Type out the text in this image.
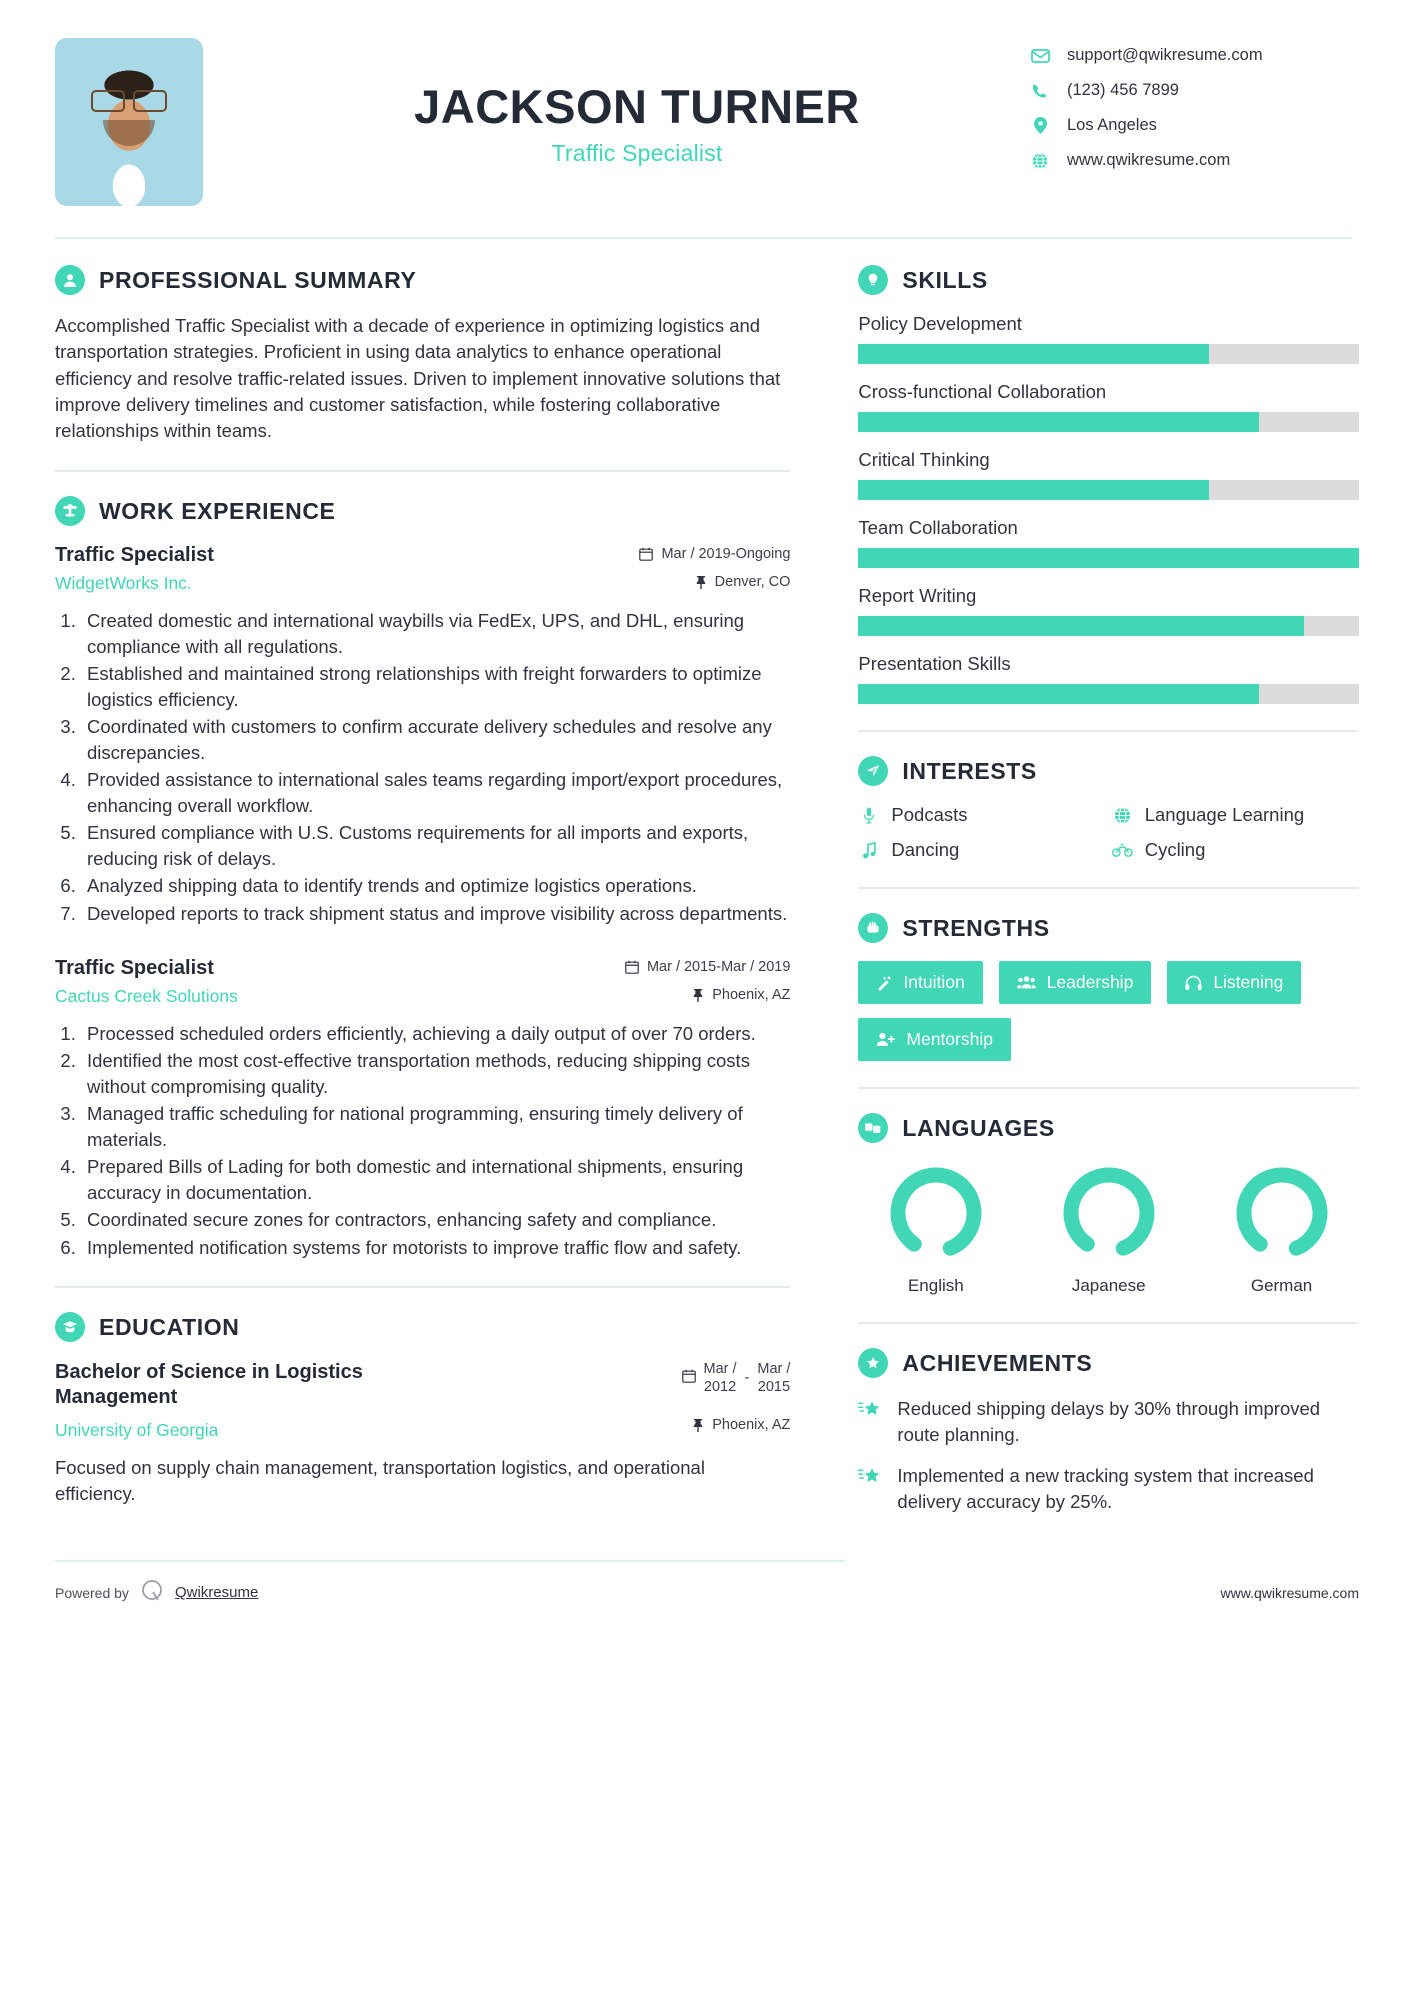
JACKSON TURNER
Traffic Specialist
support@qwikresume.com
(123) 456 7899
Los Angeles
www.qwikresume.com
PROFESSIONAL SUMMARY

Accomplished Traffic Specialist with a decade of experience in optimizing logistics and transportation strategies. Proficient in using data analytics to enhance operational efficiency and resolve traffic-related issues. Driven to implement innovative solutions that improve delivery timelines and customer satisfaction, while fostering collaborative relationships within teams.

WORK EXPERIENCE
Traffic Specialist	Mar / 2019-Ongoing
WidgetWorks Inc.	Denver, CO
1. Created domestic and international waybills via FedEx, UPS, and DHL, ensuring compliance with all regulations.
2. Established and maintained strong relationships with freight forwarders to optimize logistics efficiency.
3. Coordinated with customers to confirm accurate delivery schedules and resolve any discrepancies.
4. Provided assistance to international sales teams regarding import/export procedures, enhancing overall workflow.
5. Ensured compliance with U.S. Customs requirements for all imports and exports, reducing risk of delays.
6. Analyzed shipping data to identify trends and optimize logistics operations.
7. Developed reports to track shipment status and improve visibility across departments.
Traffic Specialist	Mar / 2015-Mar / 2019
Cactus Creek Solutions	Phoenix, AZ
1. Processed scheduled orders efficiently, achieving a daily output of over 70 orders.
2. Identified the most cost-effective transportation methods, reducing shipping costs without compromising quality.
3. Managed traffic scheduling for national programming, ensuring timely delivery of materials.
4. Prepared Bills of Lading for both domestic and international shipments, ensuring accuracy in documentation.
5. Coordinated secure zones for contractors, enhancing safety and compliance.
6. Implemented notification systems for motorists to improve traffic flow and safety.
EDUCATION
Bachelor of Science in Logistics Management
Mar /
2012
-
Mar /
2015
University of Georgia	Phoenix, AZ
Focused on supply chain management, transportation logistics, and operational efficiency.
SKILLS
Policy Development
Cross-functional Collaboration
Critical Thinking
Team Collaboration
Report Writing
Presentation Skills
INTERESTS
Podcasts	Language Learning
Dancing	Cycling
STRENGTHS
Intuition	Leadership	Listening
Mentorship
LANGUAGES
English	Japanese	German
ACHIEVEMENTS
Reduced shipping delays by 30% through improved route planning.
Implemented a new tracking system that increased delivery accuracy by 25%.
Powered by	Qwikresume	www.qwikresume.com
